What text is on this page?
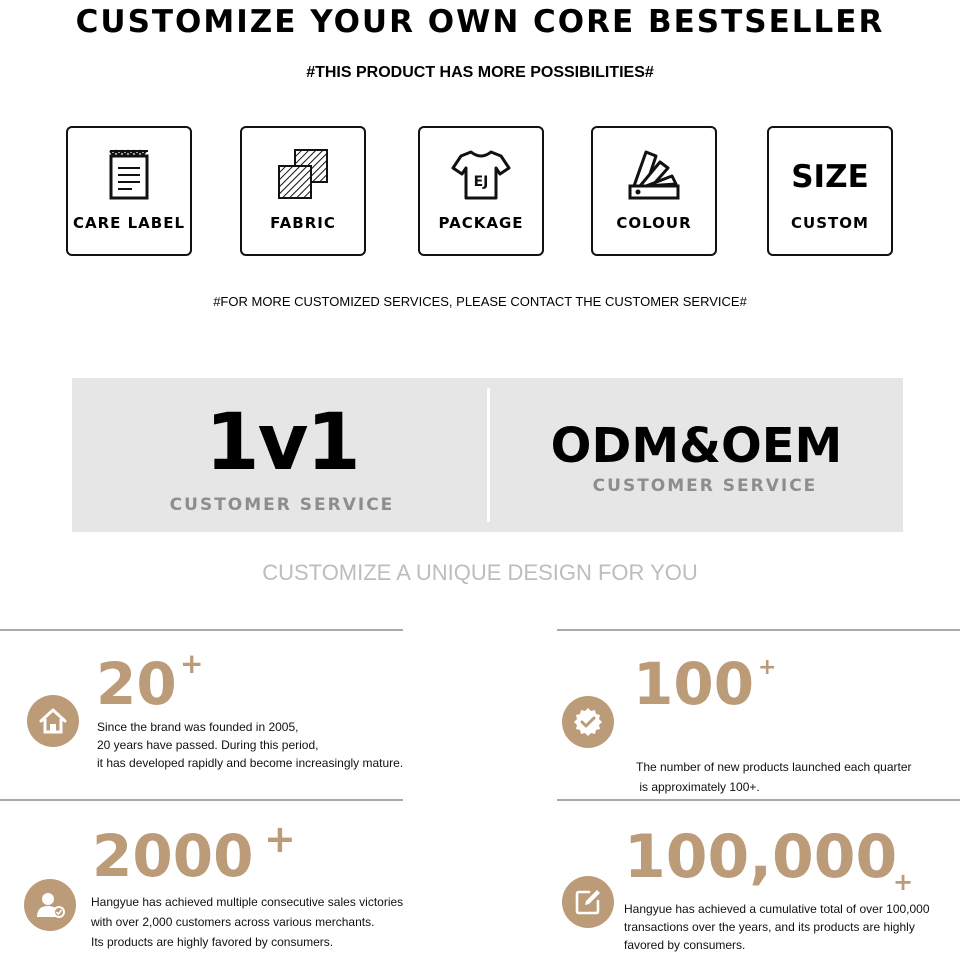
CUSTOMIZE YOUR OWN CORE BESTSELLER
#THIS PRODUCT HAS MORE POSSIBILITIES#
CARE LABEL	FABRIC
EJ
PACKAGE	COLOUR
SIZE
CUSTOM
#FOR MORE CUSTOMIZED SERVICES, PLEASE CONTACT THE CUSTOMER SERVICE#
1v1
CUSTOMER SERVICE
ODM&OEM
CUSTOMER SERVICE
CUSTOMIZE A UNIQUE DESIGN FOR YOU
20 +
Since the brand was founded in 2005,
20 years have passed. During this period,
it has developed rapidly and become increasingly mature.
100 +

The number of new products launched each quarter
is approximately 100+.

2000 +
Hangyue has achieved multiple consecutive sales victories
with over 2,000 customers across various merchants.
Its products are highly favored by consumers.
100,000
+
Hangyue has achieved a cumulative total of over 100,000
transactions over the years, and its products are highly
favored by consumers.
